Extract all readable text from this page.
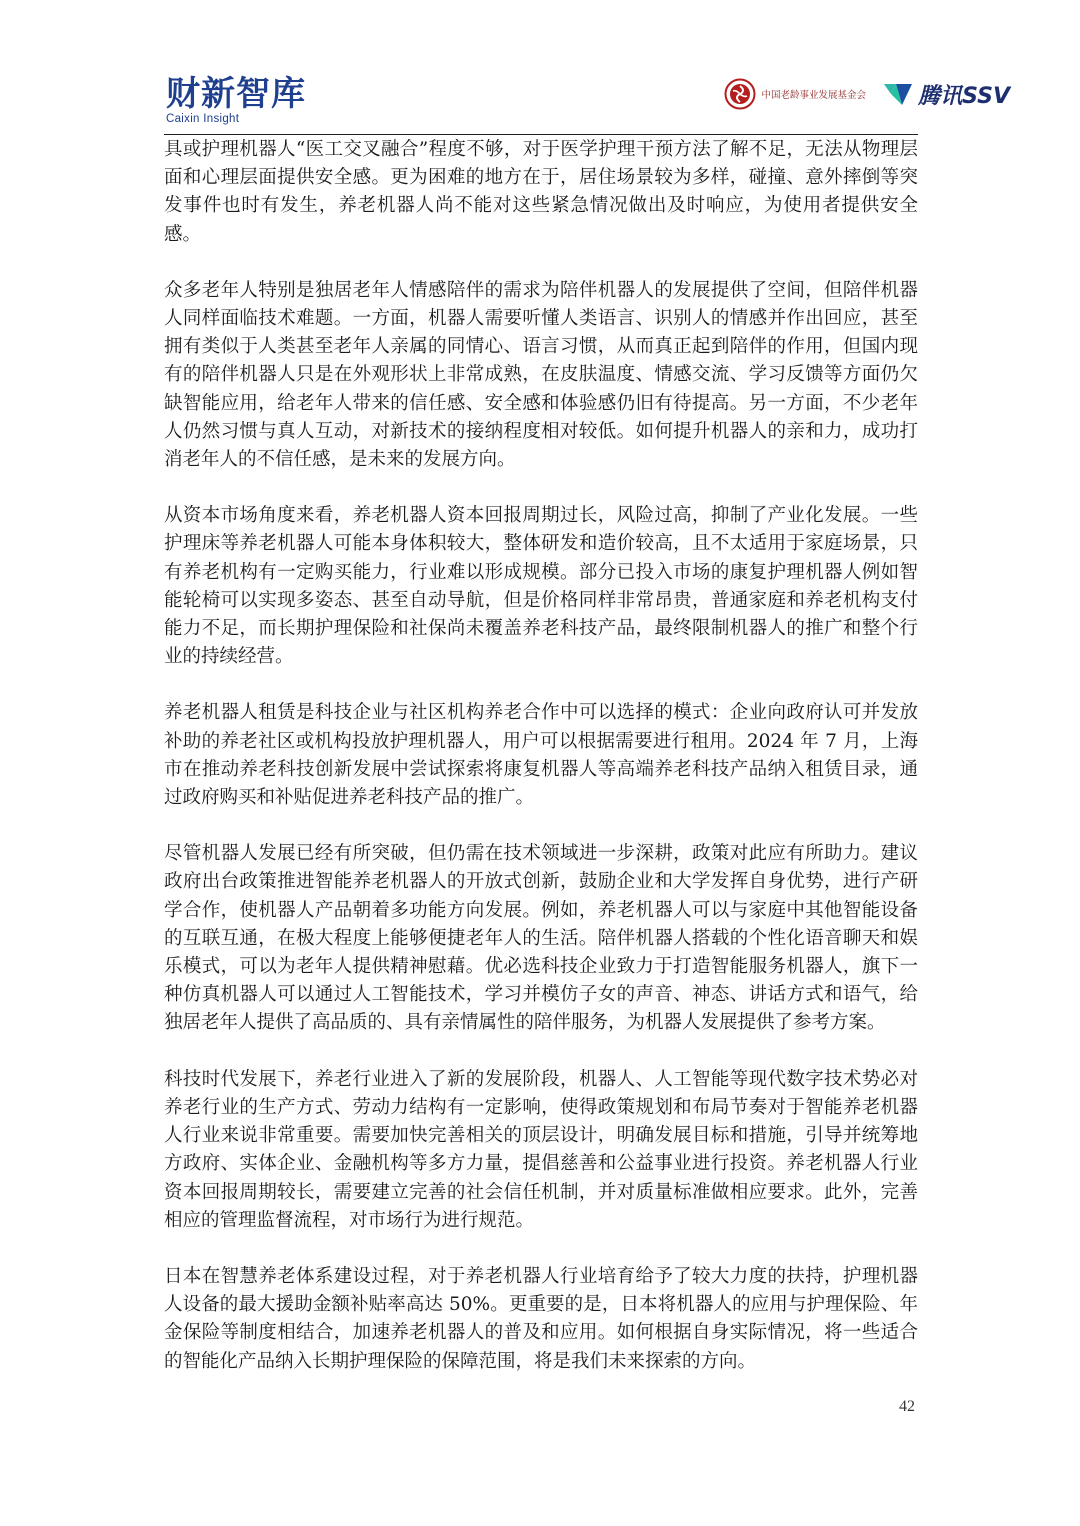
财新智库
Caixin Insight
中国老龄事业发展基金会 腾讯SSV

具或护理机器人“医工交叉融合”程度不够，对于医学护理干预方法了解不足，无法从物理层面和心理层面提供安全感。更为困难的地方在于，居住场景较为多样，碰撞、意外摔倒等突发事件也时有发生，养老机器人尚不能对这些紧急情况做出及时响应，为使用者提供安全感。

众多老年人特别是独居老年人情感陪伴的需求为陪伴机器人的发展提供了空间，但陪伴机器人同样面临技术难题。一方面，机器人需要听懂人类语言、识别人的情感并作出回应，甚至拥有类似于人类甚至老年人亲属的同情心、语言习惯，从而真正起到陪伴的作用，但国内现有的陪伴机器人只是在外观形状上非常成熟，在皮肤温度、情感交流、学习反馈等方面仍欠缺智能应用，给老年人带来的信任感、安全感和体验感仍旧有待提高。另一方面，不少老年人仍然习惯与真人互动，对新技术的接纳程度相对较低。如何提升机器人的亲和力，成功打消老年人的不信任感，是未来的发展方向。

从资本市场角度来看，养老机器人资本回报周期过长，风险过高，抑制了产业化发展。一些护理床等养老机器人可能本身体积较大，整体研发和造价较高，且不太适用于家庭场景，只有养老机构有一定购买能力，行业难以形成规模。部分已投入市场的康复护理机器人例如智能轮椅可以实现多姿态、甚至自动导航，但是价格同样非常昂贵，普通家庭和养老机构支付能力不足，而长期护理保险和社保尚未覆盖养老科技产品，最终限制机器人的推广和整个行业的持续经营。

养老机器人租赁是科技企业与社区机构养老合作中可以选择的模式：企业向政府认可并发放补助的养老社区或机构投放护理机器人，用户可以根据需要进行租用。2024 年 7 月，上海市在推动养老科技创新发展中尝试探索将康复机器人等高端养老科技产品纳入租赁目录，通过政府购买和补贴促进养老科技产品的推广。

尽管机器人发展已经有所突破，但仍需在技术领域进一步深耕，政策对此应有所助力。建议政府出台政策推进智能养老机器人的开放式创新，鼓励企业和大学发挥自身优势，进行产研学合作，使机器人产品朝着多功能方向发展。例如，养老机器人可以与家庭中其他智能设备的互联互通，在极大程度上能够便捷老年人的生活。陪伴机器人搭载的个性化语音聊天和娱乐模式，可以为老年人提供精神慰藉。优必选科技企业致力于打造智能服务机器人，旗下一种仿真机器人可以通过人工智能技术，学习并模仿子女的声音、神态、讲话方式和语气，给独居老年人提供了高品质的、具有亲情属性的陪伴服务，为机器人发展提供了参考方案。

科技时代发展下，养老行业进入了新的发展阶段，机器人、人工智能等现代数字技术势必对养老行业的生产方式、劳动力结构有一定影响，使得政策规划和布局节奏对于智能养老机器人行业来说非常重要。需要加快完善相关的顶层设计，明确发展目标和措施，引导并统筹地方政府、实体企业、金融机构等多方力量，提倡慈善和公益事业进行投资。养老机器人行业资本回报周期较长，需要建立完善的社会信任机制，并对质量标准做相应要求。此外，完善相应的管理监督流程，对市场行为进行规范。

日本在智慧养老体系建设过程，对于养老机器人行业培育给予了较大力度的扶持，护理机器人设备的最大援助金额补贴率高达 50%。更重要的是，日本将机器人的应用与护理保险、年金保险等制度相结合，加速养老机器人的普及和应用。如何根据自身实际情况，将一些适合的智能化产品纳入长期护理保险的保障范围，将是我们未来探索的方向。

42
